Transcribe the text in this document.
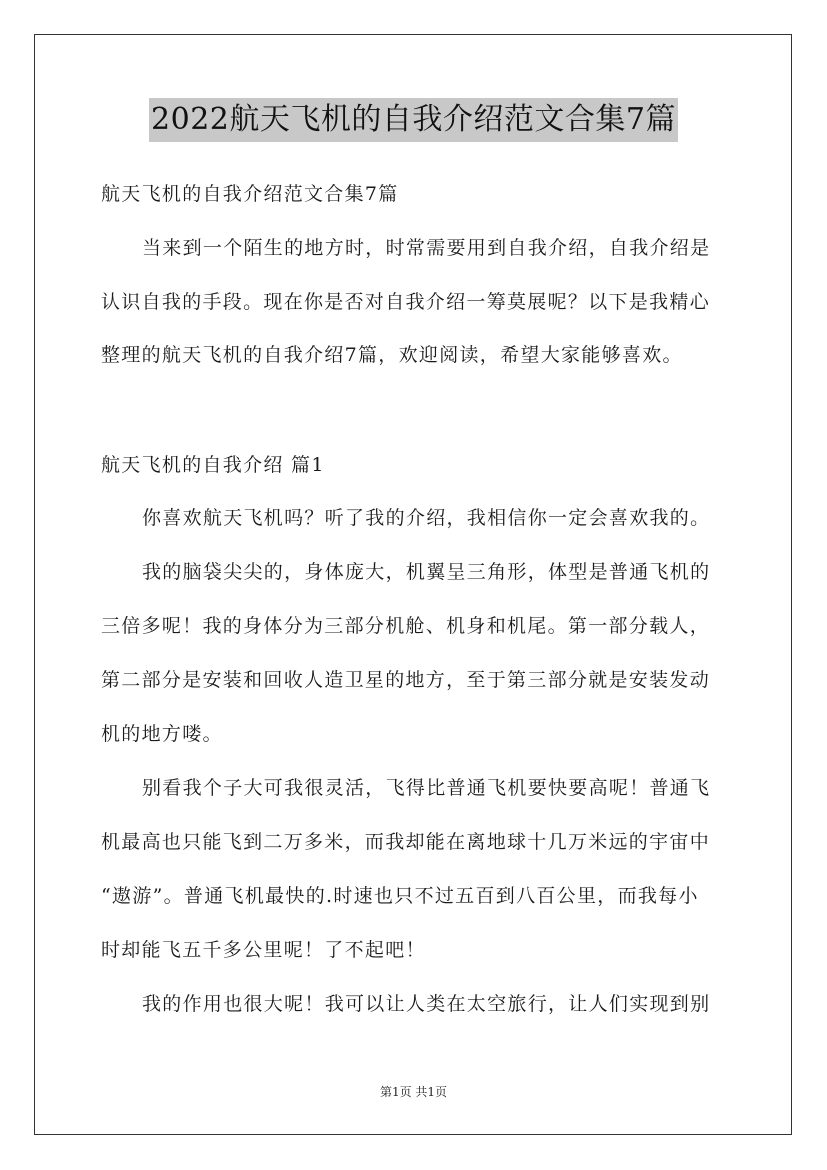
2022航天飞机的自我介绍范文合集7篇
航天飞机的自我介绍范文合集7篇
当来到一个陌生的地方时，时常需要用到自我介绍，自我介绍是
认识自我的手段。现在你是否对自我介绍一筹莫展呢？以下是我精心
整理的航天飞机的自我介绍7篇，欢迎阅读，希望大家能够喜欢。
航天飞机的自我介绍 篇1
你喜欢航天飞机吗？听了我的介绍，我相信你一定会喜欢我的。
我的脑袋尖尖的，身体庞大，机翼呈三角形，体型是普通飞机的
三倍多呢！我的身体分为三部分机舱、机身和机尾。第一部分载人，
第二部分是安装和回收人造卫星的地方，至于第三部分就是安装发动
机的地方喽。
别看我个子大可我很灵活，飞得比普通飞机要快要高呢！普通飞
机最高也只能飞到二万多米，而我却能在离地球十几万米远的宇宙中
“遨游”。普通飞机最快的.时速也只不过五百到八百公里，而我每小
时却能飞五千多公里呢！了不起吧！
我的作用也很大呢！我可以让人类在太空旅行，让人们实现到别
第1页 共1页
